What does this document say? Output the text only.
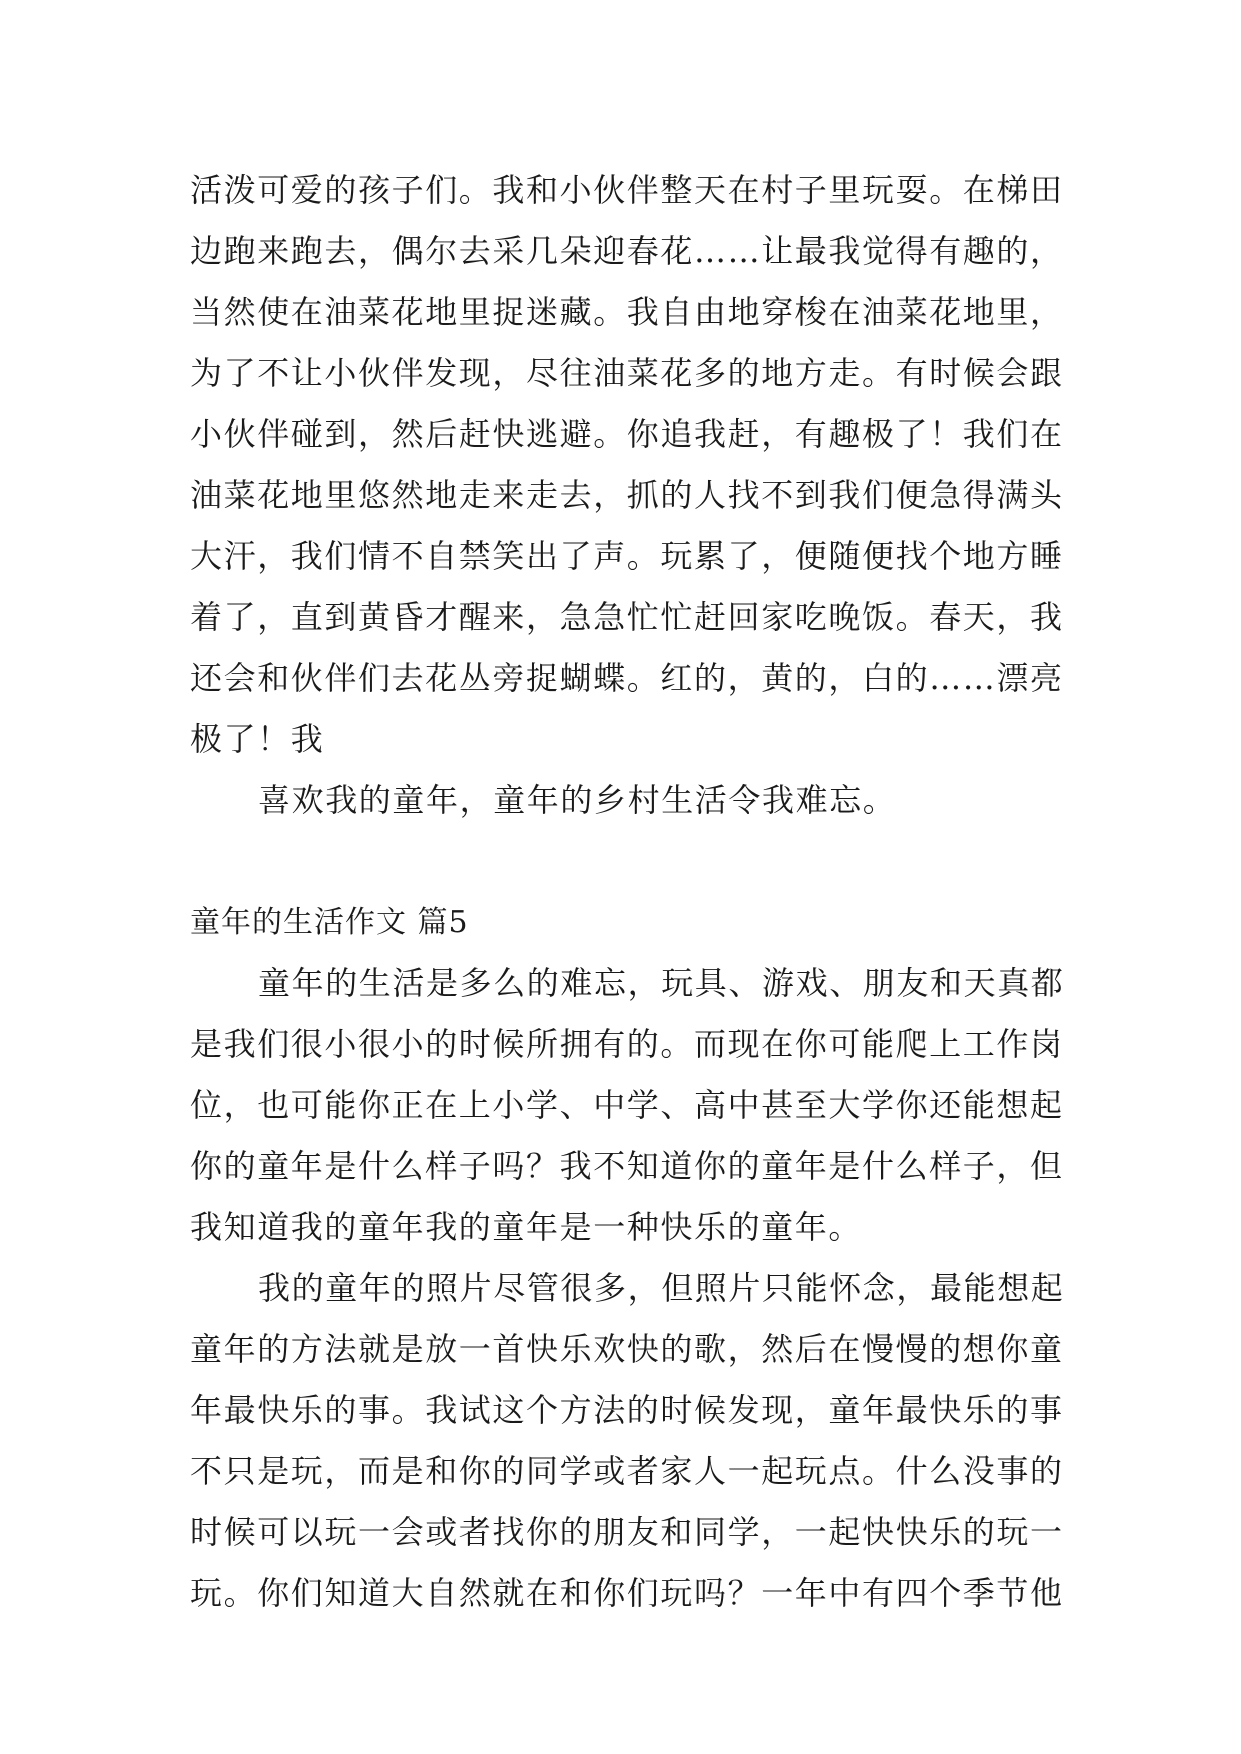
活泼可爱的孩子们。我和小伙伴整天在村子里玩耍。在梯田
边跑来跑去，偶尔去采几朵迎春花……让最我觉得有趣的，
当然使在油菜花地里捉迷藏。我自由地穿梭在油菜花地里，
为了不让小伙伴发现，尽往油菜花多的地方走。有时候会跟
小伙伴碰到，然后赶快逃避。你追我赶，有趣极了！我们在
油菜花地里悠然地走来走去，抓的人找不到我们便急得满头
大汗，我们情不自禁笑出了声。玩累了，便随便找个地方睡
着了，直到黄昏才醒来，急急忙忙赶回家吃晚饭。春天，我
还会和伙伴们去花丛旁捉蝴蝶。红的，黄的，白的……漂亮
极了！我
喜欢我的童年，童年的乡村生活令我难忘。
童年的生活作文 篇5
童年的生活是多么的难忘，玩具、游戏、朋友和天真都
是我们很小很小的时候所拥有的。而现在你可能爬上工作岗
位，也可能你正在上小学、中学、高中甚至大学你还能想起
你的童年是什么样子吗？我不知道你的童年是什么样子，但
我知道我的童年我的童年是一种快乐的童年。
我的童年的照片尽管很多，但照片只能怀念，最能想起
童年的方法就是放一首快乐欢快的歌，然后在慢慢的想你童
年最快乐的事。我试这个方法的时候发现，童年最快乐的事
不只是玩，而是和你的同学或者家人一起玩点。什么没事的
时候可以玩一会或者找你的朋友和同学，一起快快乐的玩一
玩。你们知道大自然就在和你们玩吗？一年中有四个季节他
